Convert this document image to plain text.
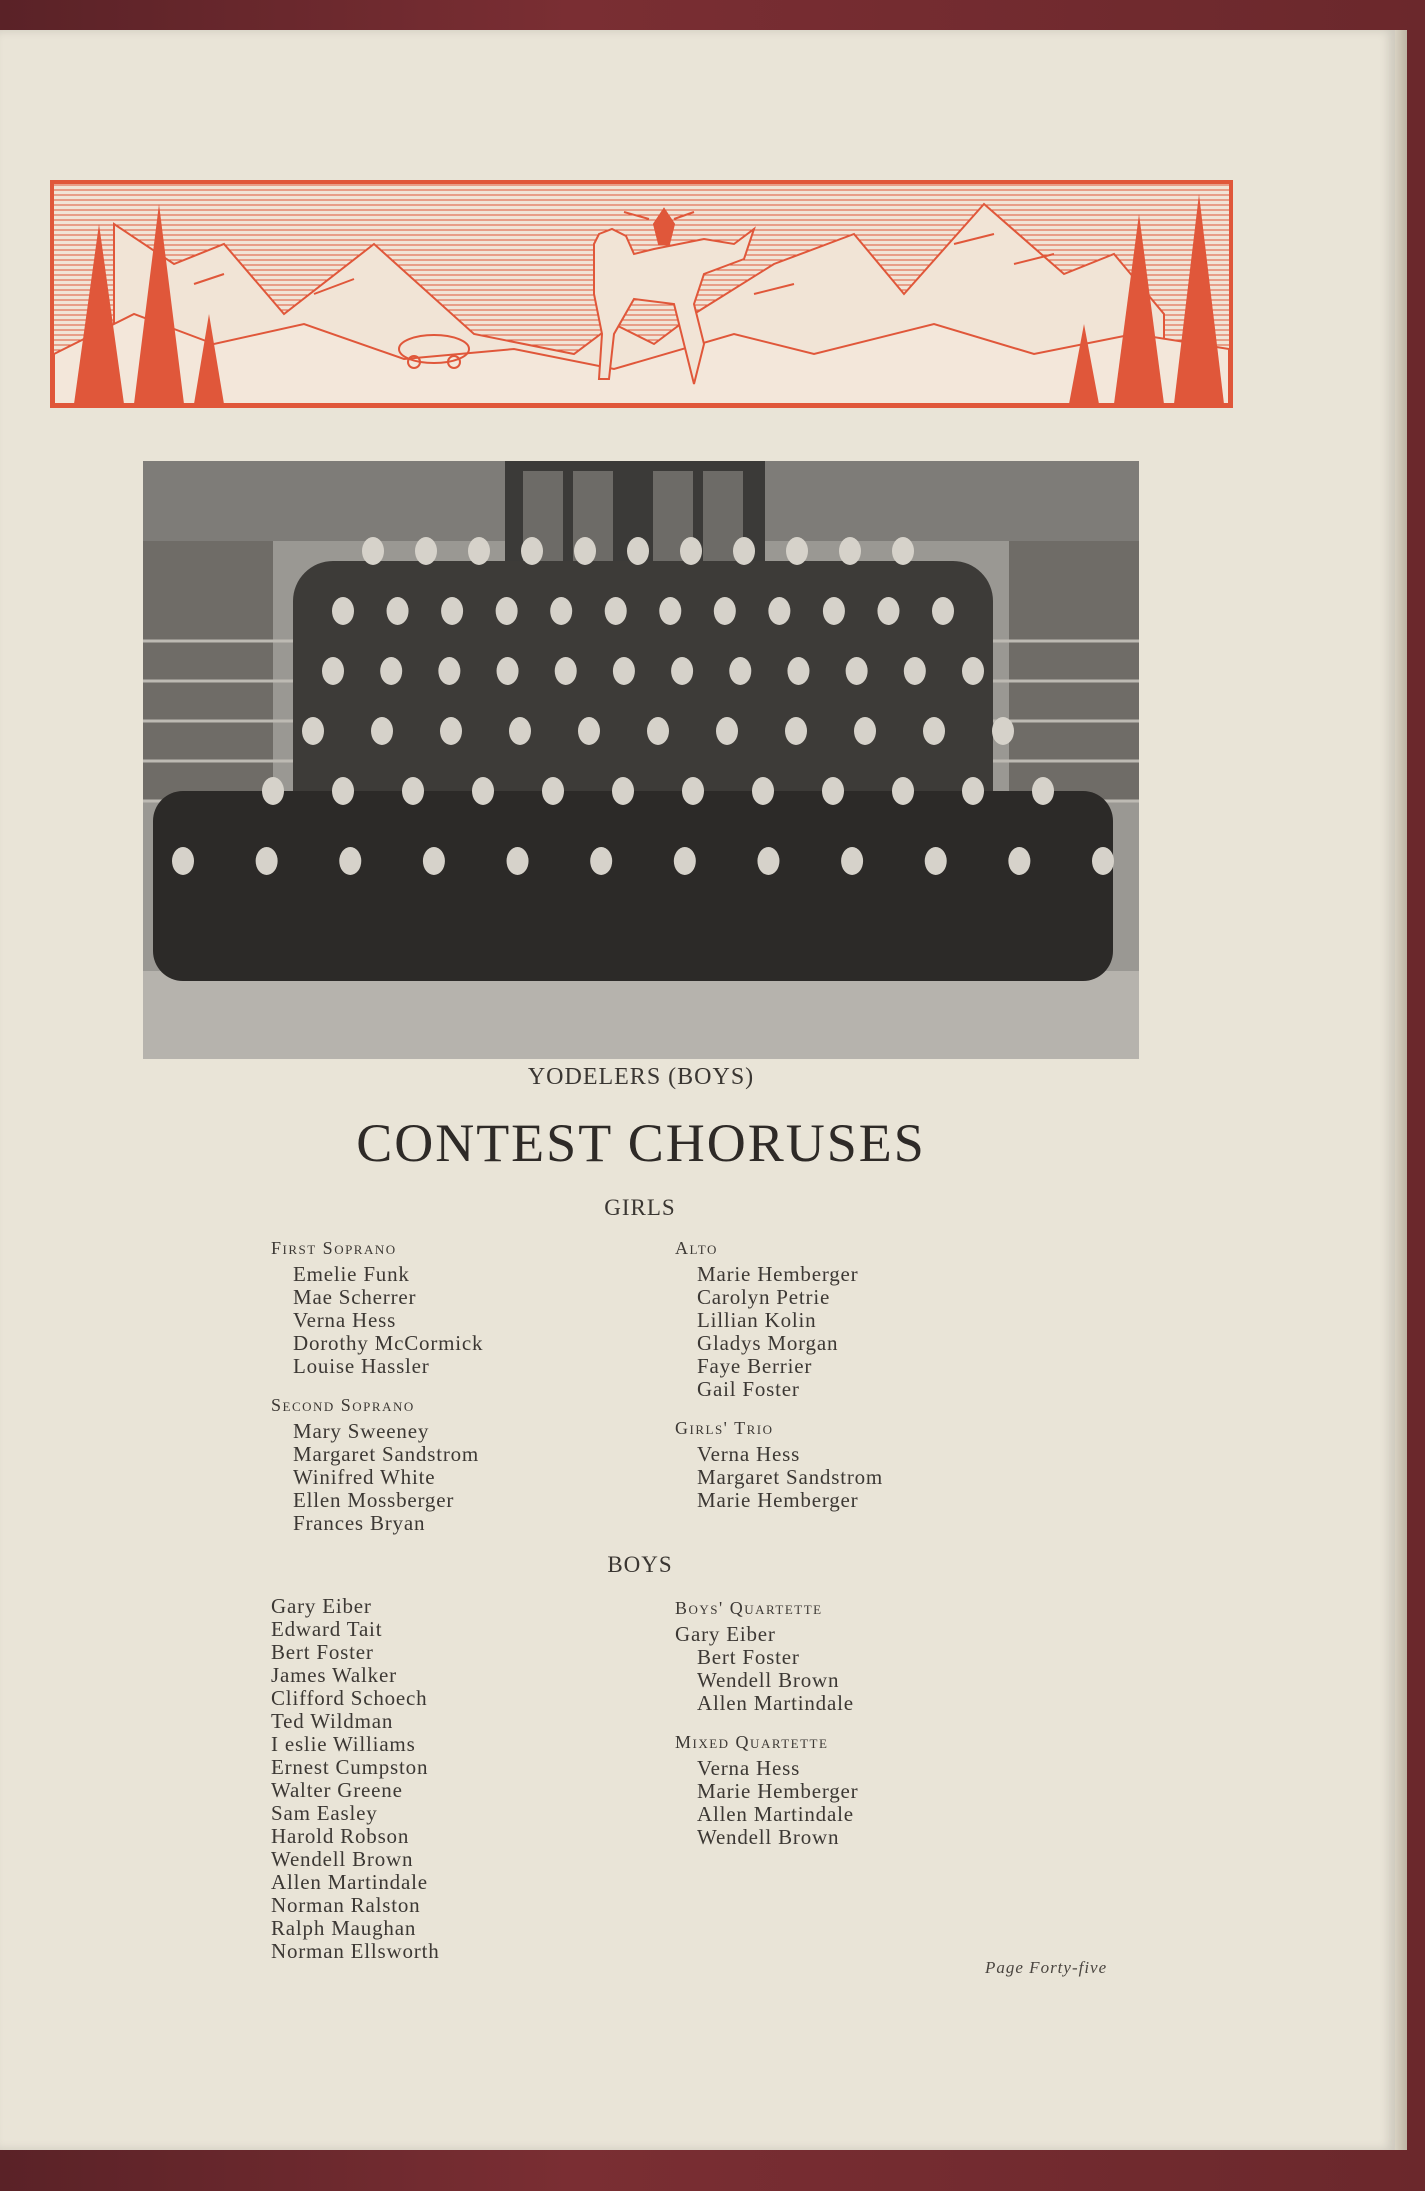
YODELERS (BOYS)
CONTEST CHORUSES
GIRLS
First Soprano
Emelie Funk
Mae Scherrer
Verna Hess
Dorothy McCormick
Louise Hassler
Second Soprano
Mary Sweeney
Margaret Sandstrom
Winifred White
Ellen Mossberger
Frances Bryan
Alto
Marie Hemberger
Carolyn Petrie
Lillian Kolin
Gladys Morgan
Faye Berrier
Gail Foster
Girls' Trio
Verna Hess
Margaret Sandstrom
Marie Hemberger
BOYS
Gary Eiber
Edward Tait
Bert Foster
James Walker
Clifford Schoech
Ted Wildman
I eslie Williams
Ernest Cumpston
Walter Greene
Sam Easley
Harold Robson
Wendell Brown
Allen Martindale
Norman Ralston
Ralph Maughan
Norman Ellsworth
Boys' Quartette
Gary Eiber
Bert Foster
Wendell Brown
Allen Martindale
Mixed Quartette
Verna Hess
Marie Hemberger
Allen Martindale
Wendell Brown
Page Forty-five
